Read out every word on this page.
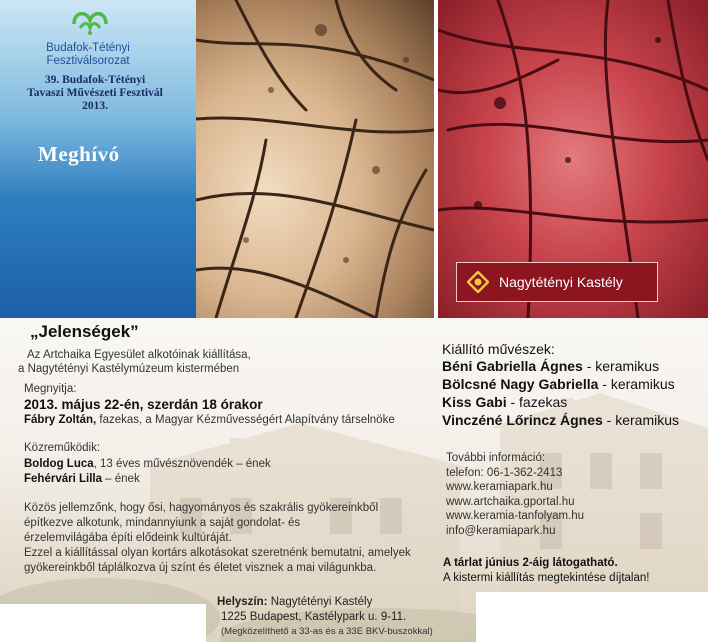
Budafok-Tétényi
Fesztiválsorozat
39. Budafok-Tétényi
Tavaszi Művészeti Fesztivál
2013.
Meghívó
Nagytétényi Kastély
„Jelenségek”
Az Artchaika Egyesület alkotóinak kiállítása,
a Nagytétényi Kastélymúzeum kistermében
Megnyitja:
2013. május 22-én, szerdán 18 órakor
Fábry Zoltán, fazekas, a Magyar Kézművességért Alapítvány társelnöke
Közreműködik:
Boldog Luca, 13 éves művésznövendék – ének
Fehérvári Lilla – ének
Közös jellemzőnk, hogy ősi, hagyományos és szakrális gyökereinkből
építkezve alkotunk, mindannyiunk a saját gondolat- és
érzelemvilágába építi elődeink kultúráját.
Ezzel a kiállítással olyan kortárs alkotásokat szeretnénk bemutatni, amelyek
gyökereinkből táplálkozva új színt és életet visznek a mai világunkba.
Kiállító művészek:
Béni Gabriella Ágnes - keramikus
Bölcsné Nagy Gabriella - keramikus
Kiss Gabi - fazekas
Vinczéné Lőrincz Ágnes - keramikus
További információ:
telefon: 06-1-362-2413
www.keramiapark.hu
www.artchaika.gportal.hu
www.keramia-tanfolyam.hu
info@keramiapark.hu
A tárlat június 2-áig látogatható.
A kistermi kiállítás megtekintése díjtalan!
Helyszín: Nagytétényi Kastély
1225 Budapest, Kastélypark u. 9-11.
(Megközelíthető a 33-as és a 33E BKV-buszokkal)
